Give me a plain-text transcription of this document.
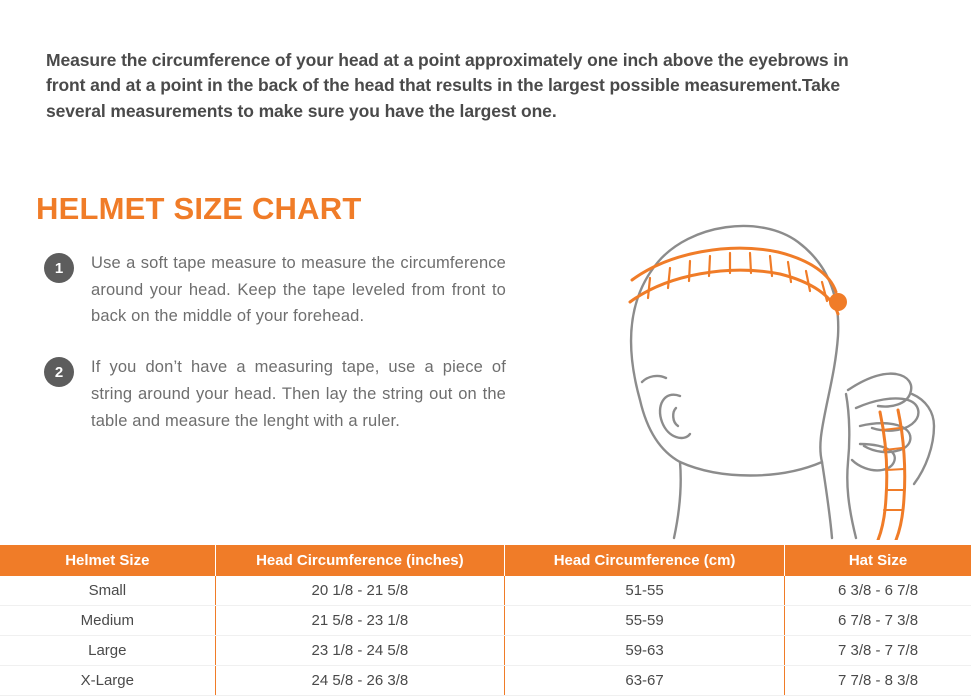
Measure the circumference of your head at a point approximately one inch above the eyebrows in front and at a point in the back of the head that results in the largest possible measurement.Take several measurements to make sure you have the largest one.

HELMET SIZE CHART
1	Use a soft tape measure to measure the circumference around your head. Keep the tape leveled from front to back on the middle of your forehead.
2	If you don’t have a measuring tape, use a piece of string around your head. Then lay the string out on the table and measure the lenght with a ruler.
Helmet Size	Head Circumference (inches)	Head Circumference (cm)	Hat Size
Small	20 1/8 - 21 5/8	51-55	6 3/8 - 6 7/8
Medium	21 5/8 - 23 1/8	55-59	6 7/8 - 7 3/8
Large	23 1/8 - 24 5/8	59-63	7 3/8 - 7 7/8
X-Large	24 5/8 - 26 3/8	63-67	7 7/8 - 8 3/8
